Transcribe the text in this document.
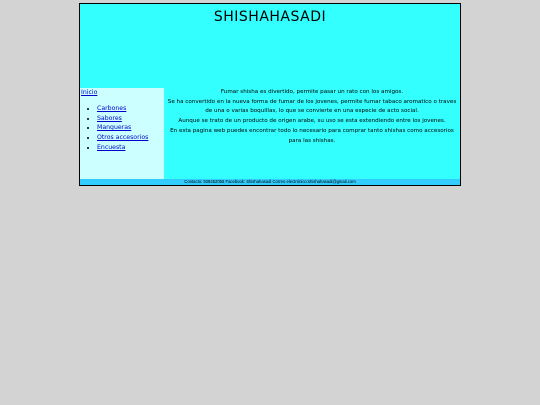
SHISHAHASADI
Inicio
• Carbones
• Sabores
• Mangueras
• Otros accesorios
• Encuesta

Fumar shisha es divertido, permite pasar un rato con los amigos.

Se ha convertido en la nueva forma de fumar de los jovenes, permite fumar tabaco aromatico o traves de una o varias boquillas, lo que se convierte en una especie de acto social.

Aunque se trato de un producto de origen arabe, su uso se esta extendiendo entre los jovenes.

En esta pagina web puedes encontrar todo lo necesario para comprar tanto shishas como accesorios para las shishas.

Contacto: 928452056 Facebook: Shishahasadi Correo electrónico:shishahasadi@gmail.com
